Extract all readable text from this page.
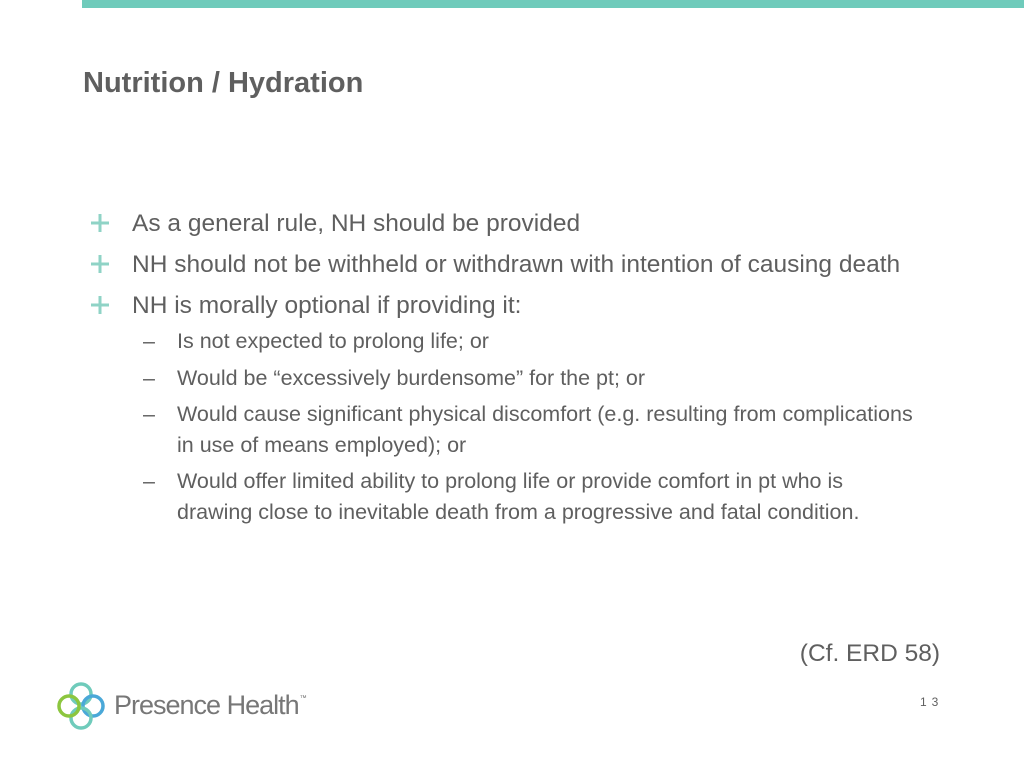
Nutrition / Hydration
As a general rule, NH should be provided
NH should not be withheld or withdrawn with intention of causing death
NH is morally optional if providing it:
– Is not expected to prolong life; or
– Would be “excessively burdensome” for the pt; or
– Would cause significant physical discomfort (e.g. resulting from complications in use of means employed); or
– Would offer limited ability to prolong life or provide comfort in pt who is drawing close to inevitable death from a progressive and fatal condition.
(Cf. ERD 58)
Presence Health™	13
